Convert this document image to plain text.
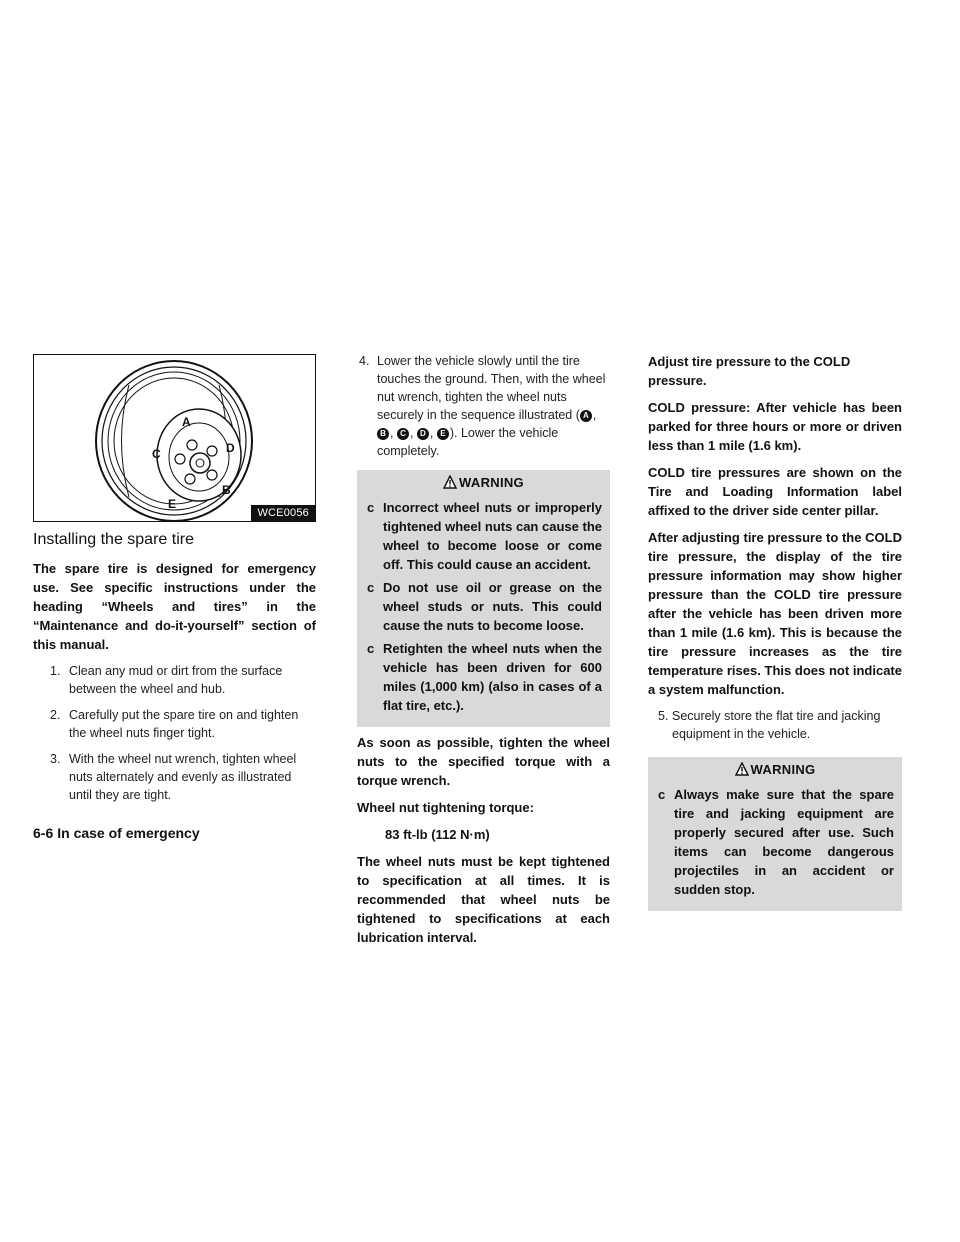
A
B
C	D
E
WCE0056
Installing the spare tire

The spare tire is designed for emergency use. See specific instructions under the heading “Wheels and tires” in the “Maintenance and do-it-yourself” section of this manual.

1. Clean any mud or dirt from the surface between the wheel and hub.

2. Carefully put the spare tire on and tighten the wheel nuts finger tight.

3. With the wheel nut wrench, tighten wheel nuts alternately and evenly as illustrated until they are tight.

4. Lower the vehicle slowly until the tire touches the ground. Then, with the wheel nut wrench, tighten the wheel nuts securely in the sequence illustrated ( A , B , C , D , E ). Lower the vehicle completely.

WARNING
c Incorrect wheel nuts or improperly tightened wheel nuts can cause the wheel to become loose or come off. This could cause an accident.
c Do not use oil or grease on the wheel studs or nuts. This could cause the nuts to become loose.
c Retighten the wheel nuts when the vehicle has been driven for 600 miles (1,000 km) (also in cases of a flat tire, etc.).

As soon as possible, tighten the wheel nuts to the specified torque with a torque wrench.

Wheel nut tightening torque:

83 ft-lb (112 N·m)

The wheel nuts must be kept tightened to specification at all times. It is recommended that wheel nuts be tightened to specifications at each lubrication interval.

Adjust tire pressure to the COLD pressure.

COLD pressure: After vehicle has been parked for three hours or more or driven less than 1 mile (1.6 km).

COLD tire pressures are shown on the Tire and Loading Information label affixed to the driver side center pillar.

After adjusting tire pressure to the COLD tire pressure, the display of the tire pressure information may show higher pressure than the COLD tire pressure after the vehicle has been driven more than 1 mile (1.6 km). This is because the tire pressure increases as the tire temperature rises. This does not indicate a system malfunction.

5. Securely store the flat tire and jacking equipment in the vehicle.

WARNING
c Always make sure that the spare tire and jacking equipment are properly secured after use. Such items can become dangerous projectiles in an accident or sudden stop.
6-6 In case of emergency
